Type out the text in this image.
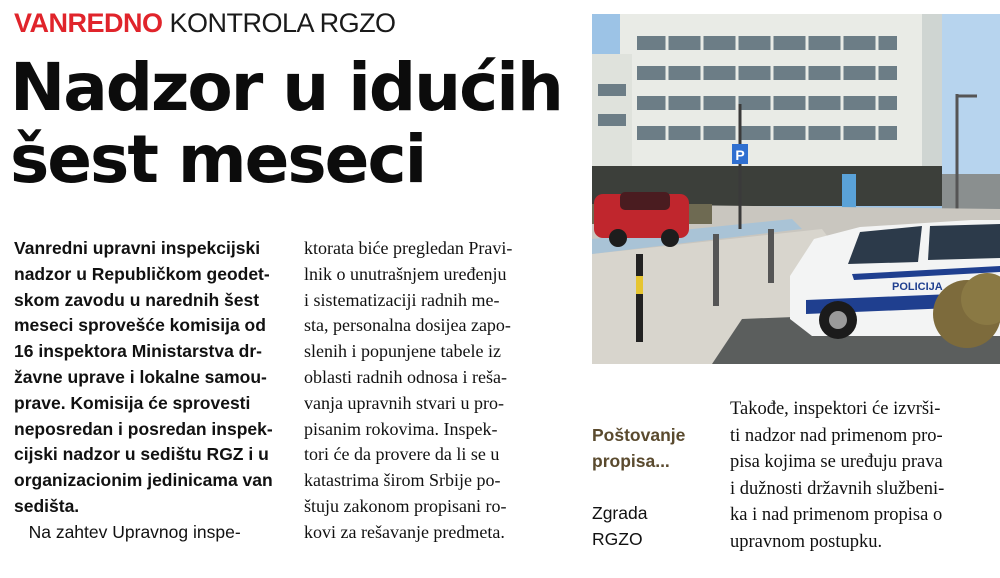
VANREDNO KONTROLA RGZO
Nadzor u idućih
šest meseci

Vanredni upravni inspekcijski
nadzor u Republičkom geodet-
skom zavodu u narednih šest
meseci sprovešće komisija od
16 inspektora Ministarstva dr-
žavne uprave i lokalne samou-
prave. Komisija će sprovesti
neposredan i posredan inspek-
cijski nadzor u sedištu RGZ i u
organizacionim jedinicama van
sedišta.
Na zahtev Upravnog inspe-

ktorata biće pregledan Pravi-
lnik o unutrašnjem uređenju
i sistematizaciji radnih me-
sta, personalna dosijea zapo-
slenih i popunjene tabele iz
oblasti radnih odnosa i reša-
vanja upravnih stvari u pro-
pisanim rokovima. Inspek-
tori će da provere da li se u
katastrima širom Srbije po-
štuju zakonom propisani ro-
kovi za rešavanje predmeta.

P
POLICIJA

Poštovanje
propisa...

Zgrada
RGZO

Takođe, inspektori će izvrši-
ti nadzor nad primenom pro-
pisa kojima se uređuju prava
i dužnosti državnih službeni-
ka i nad primenom propisa o
upravnom postupku.
